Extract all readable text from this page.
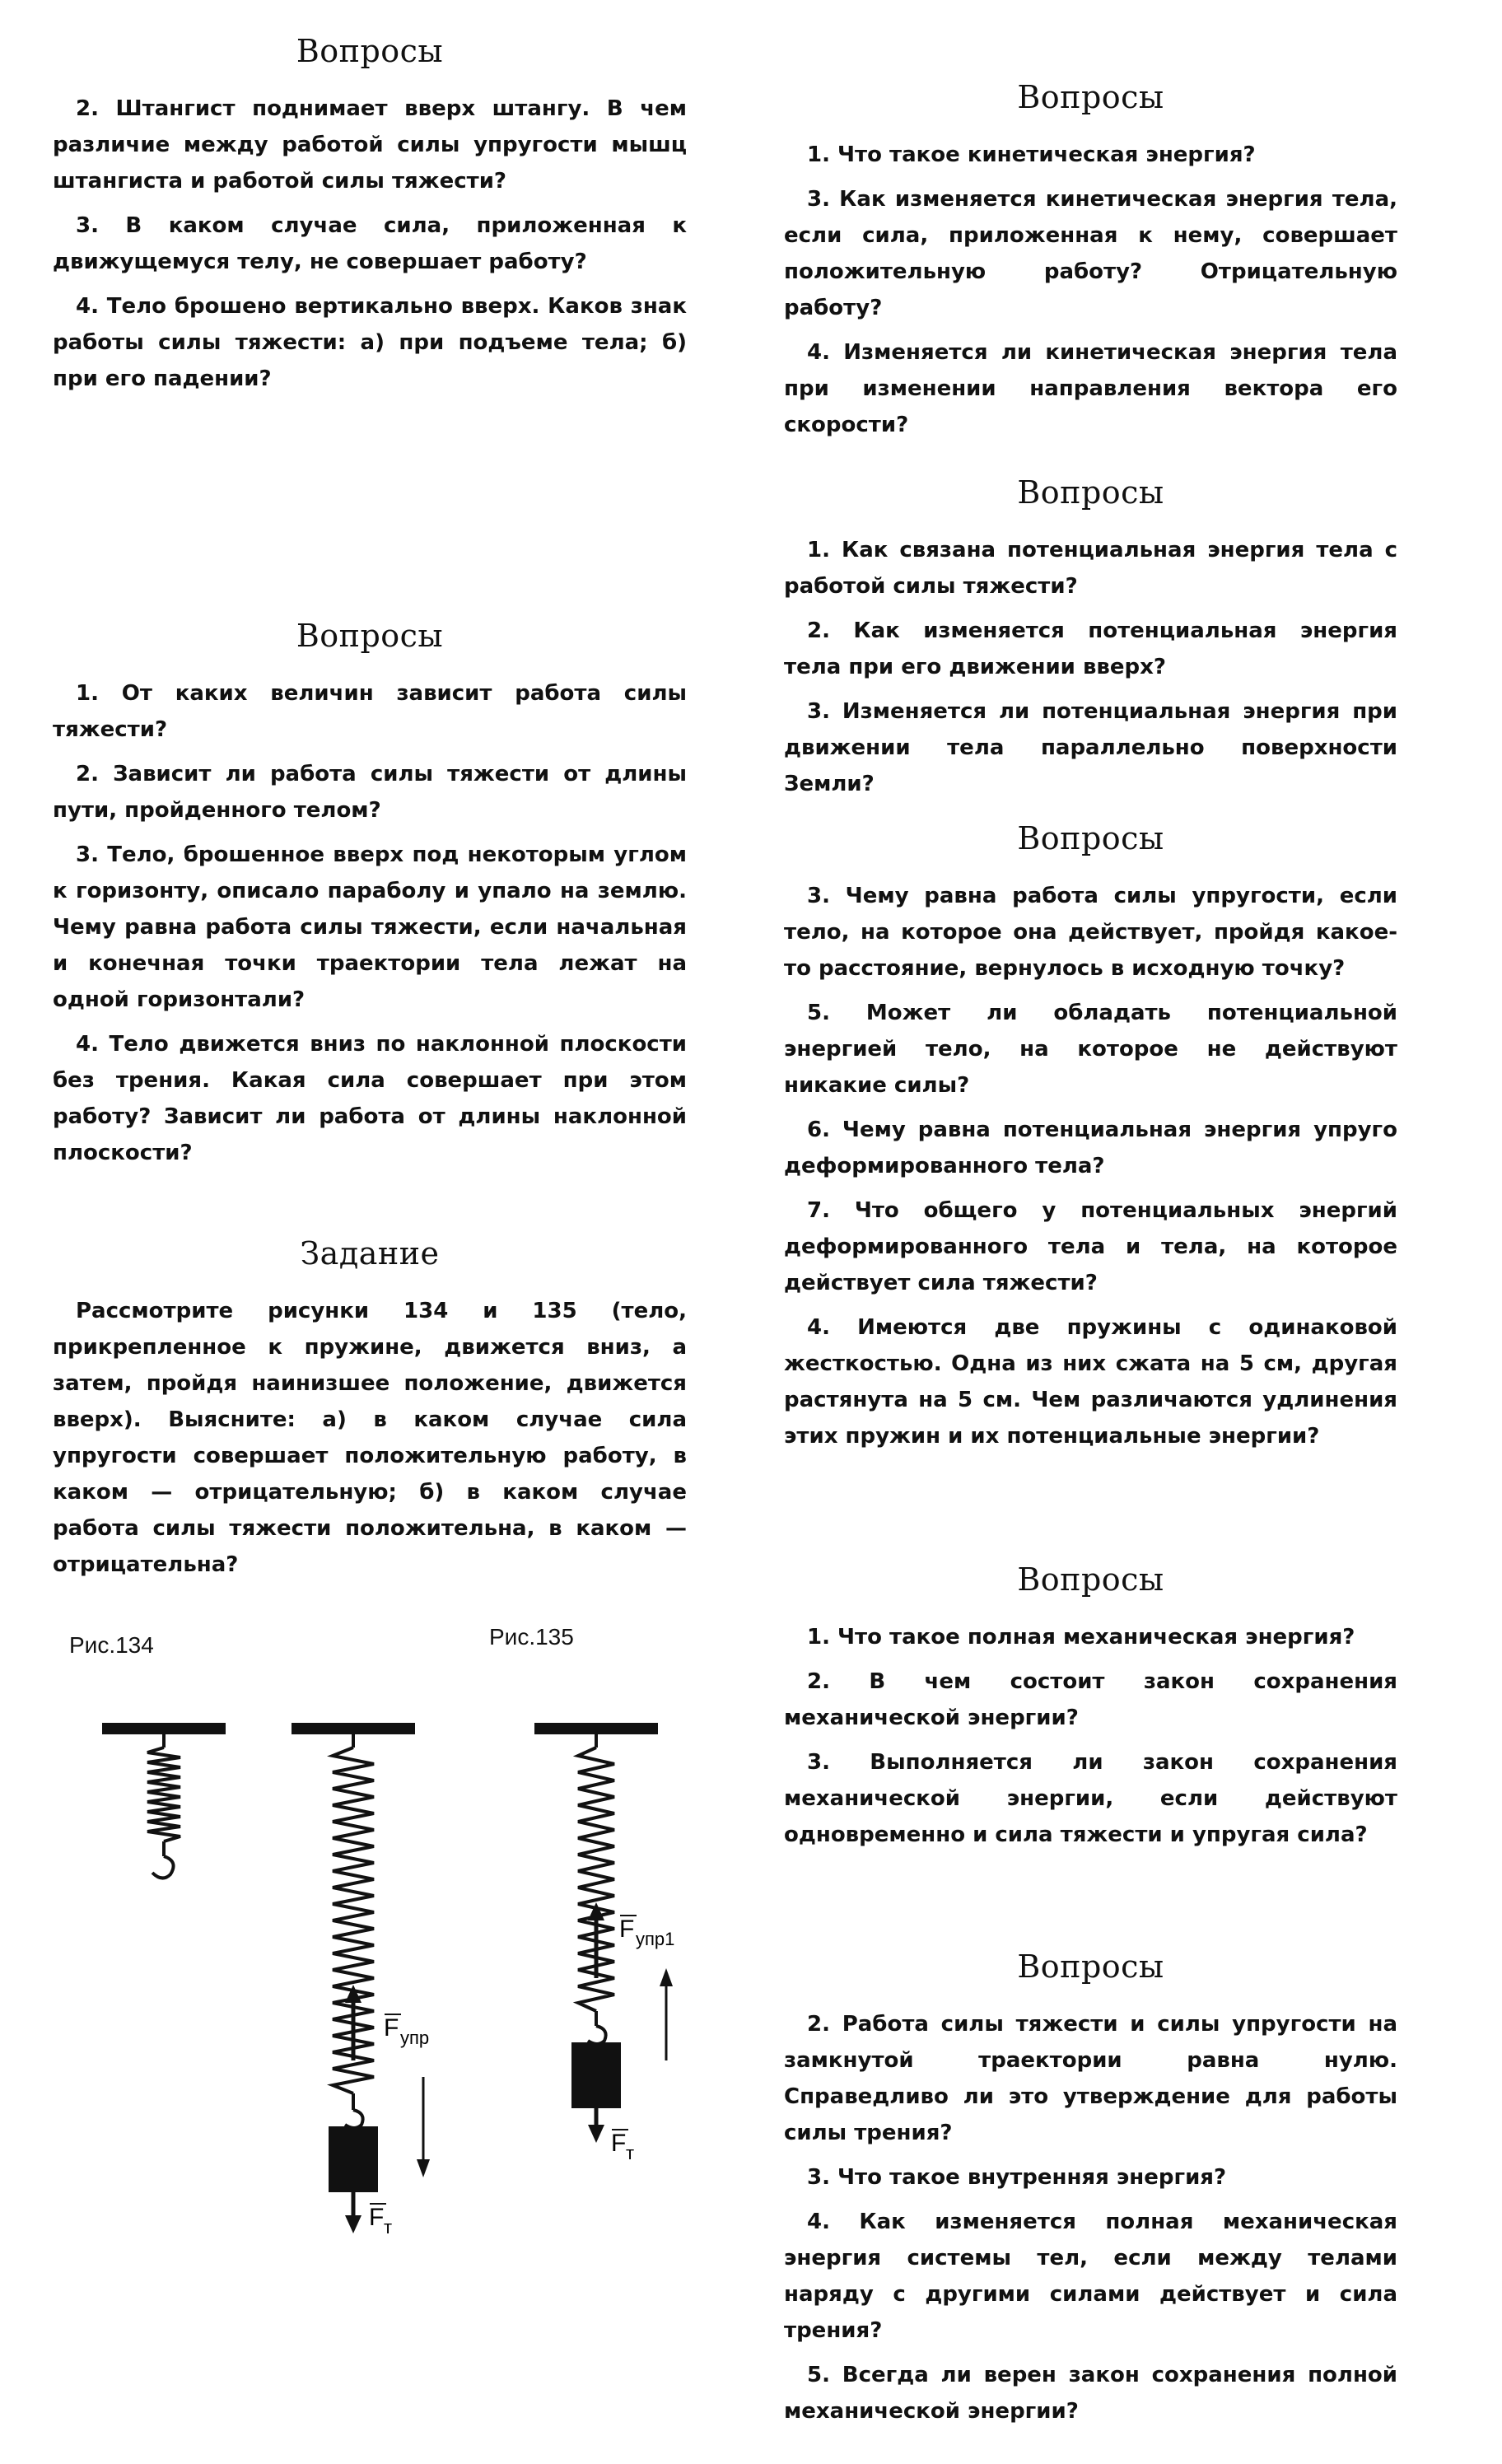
Вопросы

2. Штангист поднимает вверх штангу. В чем различие между работой силы упругости мышц штангиста и работой силы тяжести?

3. В каком случае сила, приложенная к движущемуся телу, не совершает работу?

4. Тело брошено вертикально вверх. Каков знак работы силы тяжести: а) при подъеме тела; б) при его падении?

Вопросы

1. От каких величин зависит работа силы тяжести?

2. Зависит ли работа силы тяжести от длины пути, пройденного телом?

3. Тело, брошенное вверх под некоторым углом к горизонту, описало параболу и упало на землю. Чему равна работа силы тяжести, если начальная и конечная точки траектории тела лежат на одной горизонтали?

4. Тело движется вниз по наклонной плоскости без трения. Какая сила совершает при этом работу? Зависит ли работа от длины наклонной плоскости?

Задание

Рассмотрите рисунки 134 и 135 (тело, прикрепленное к пружине, движется вниз, а затем, пройдя наинизшее положение, движется вверх). Выясните: а) в каком случае сила упругости совершает положительную работу, в каком — отрицательную; б) в каком случае работа силы тяжести положительна, в каком — отрицательна?

Рис.134	Рис.135
F упр
F т
F упр1
F т
Вопросы

1. Что такое кинетическая энергия?

3. Как изменяется кинетическая энергия тела, если сила, приложенная к нему, совершает положительную работу? Отрицательную работу?

4. Изменяется ли кинетическая энергия тела при изменении направления вектора его скорости?

Вопросы

1. Как связана потенциальная энергия тела с работой силы тяжести?

2. Как изменяется потенциальная энергия тела при его движении вверх?

3. Изменяется ли потенциальная энергия при движении тела параллельно поверхности Земли?

Вопросы

3. Чему равна работа силы упругости, если тело, на которое она действует, пройдя какое-то расстояние, вернулось в исходную точку?

5. Может ли обладать потенциальной энергией тело, на которое не действуют никакие силы?

6. Чему равна потенциальная энергия упруго деформированного тела?

7. Что общего у потенциальных энергий деформированного тела и тела, на которое действует сила тяжести?

4. Имеются две пружины с одинаковой жесткостью. Одна из них сжата на 5 см, другая растянута на 5 см. Чем различаются удлинения этих пружин и их потенциальные энергии?

Вопросы

1. Что такое полная механическая энергия?

2. В чем состоит закон сохранения механической энергии?

3. Выполняется ли закон сохранения механической энергии, если действуют одновременно и сила тяжести и упругая сила?

Вопросы

2. Работа силы тяжести и силы упругости на замкнутой траектории равна нулю. Справедливо ли это утверждение для работы силы трения?

3. Что такое внутренняя энергия?

4. Как изменяется полная механическая энергия системы тел, если между телами наряду с другими силами действует и сила трения?

5. Всегда ли верен закон сохранения полной механической энергии?
